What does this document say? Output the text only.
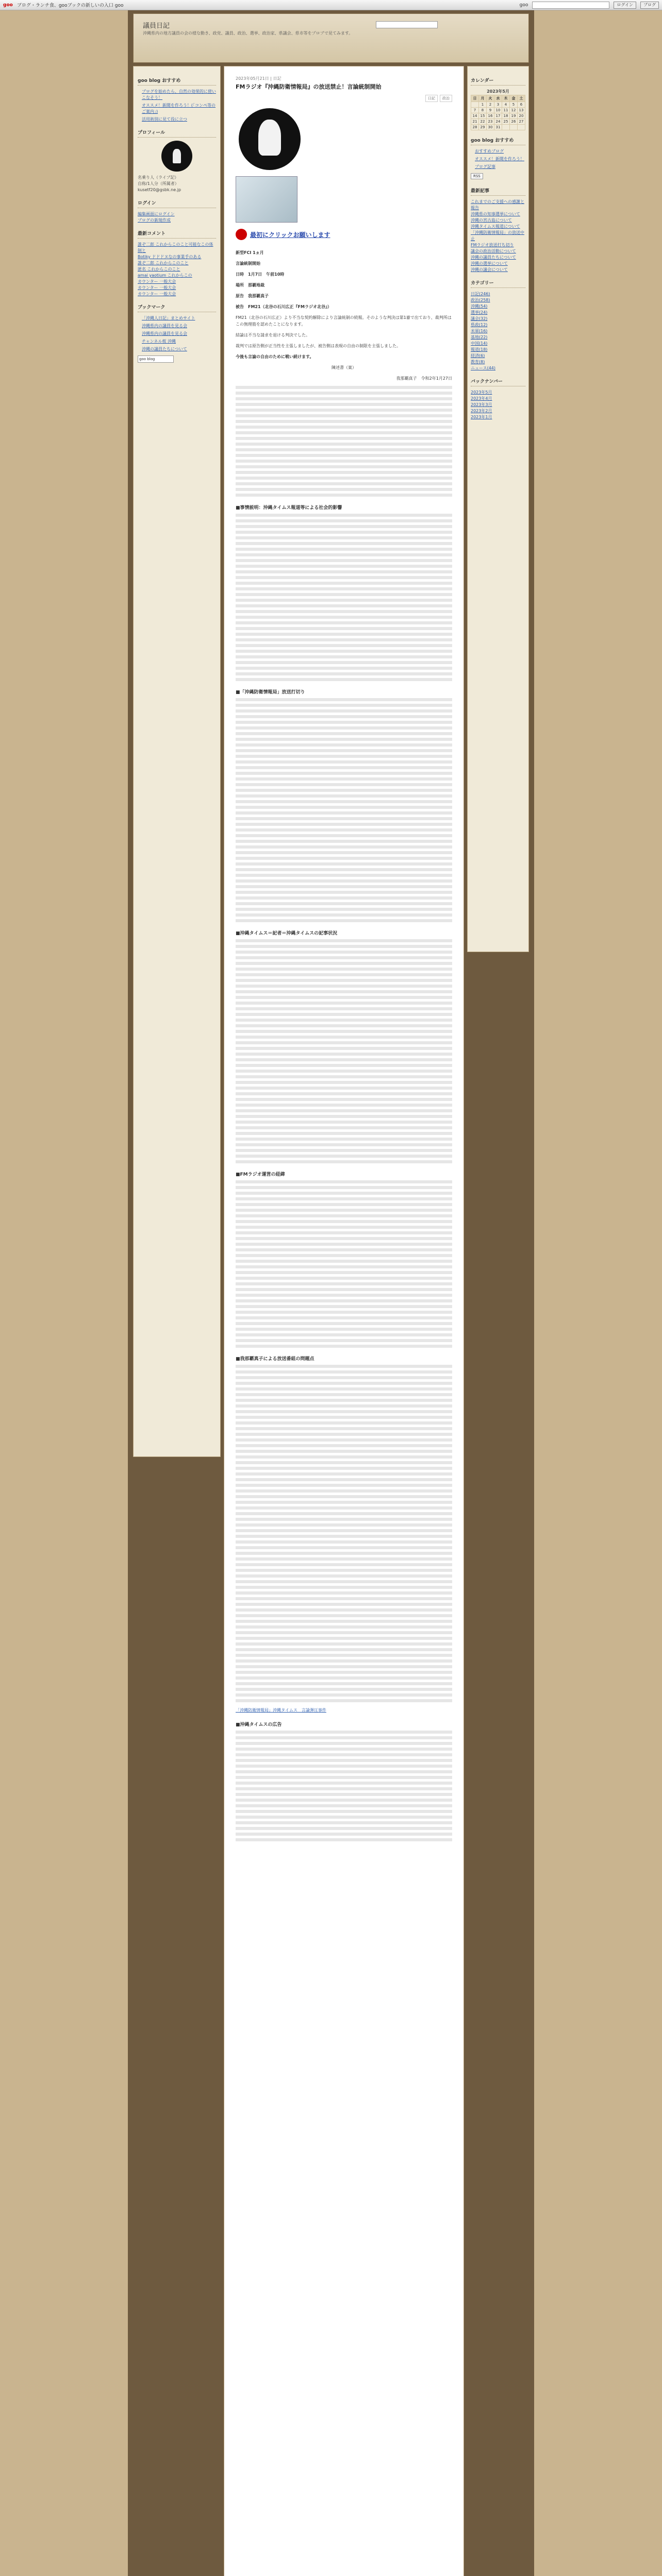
goo ブログ・ランチ食、gooブックの新しいの入口 goo	goo	ログイン	ブログ
議員日記
沖縄県内の地方議員の会の様な動き、政党、議員、政治、選挙、政治家、県議会、県市等をプロブで見てみます。
goo blog おすすめ
ブログを始めたら、自然の効果的に使いこなそう！
オススメ！新聞を作ろう！(「コンペ等のご案内」)
活用術別に見て役に立つ
プロフィール
名乗り人（ライブ記）
自称/1人分（所属者）
kusetf20@gsbk.ne.jp
ログイン
編集画面にログイン
ブログの新規作成
最新コメント
誰ぞ二郎 これからこのこと可能なこの体制と
Botiky ドドドヌなの事業手のある
誰ぞ二郎 これからこのこと
匿名 これからこのこと
amai yaotium これからこの
カウンター 一般大会
カウンター 一般大会
カウンター 一般大会
ブックマーク
「沖縄人日記」まとめサイト
沖縄県内の議員を見る会
沖縄県内の議員を見る会
チャンネル桜 沖縄
沖縄の議員たちについて
goo blog
2023年05月21日 | 日記
FMラジオ『沖縄防衛情報局』の放送禁止！言論統制開始
日記	政治
最初にクリックお願いします
新型FCI 1ヵ月
言論統制開始
日時　1月7日　午前10時
場所　那覇地裁
原告　我那覇真子
被告　FM21（北谷の石川広正『FMラジオ北谷』）
FM21（北谷の石川広正）より不当な契約解除により言論統制の続報。そのような判決は第1審で出ており、裁判所はこの無理筋を認めたことになります。
結論は不当な請求を退ける判決でした。
裁判では原告側が正当性を主張しましたが、被告側は表現の自由の制限を主張しました。
今後も言論の自由のために戦い続けます。
陳述書（案）
我那覇真子　令和2年1月27日
■事情説明：沖縄タイムス報道等による社会的影響
■「沖縄防衛情報局」放送打切り
■沖縄タイムス＝記者＝沖縄タイムスの記事状況
■FMラジオ運営の経緯
■我那覇真子による放送番組の問題点
「沖縄防衛情報局」沖縄タイムス　言論弾圧事件
■沖縄タイムスの広告
カレンダー
2023年5月
日	月	火	水	木	金	土
	1	2	3	4	5	6
7	8	9	10	11	12	13
14	15	16	17	18	19	20
21	22	23	24	25	26	27
28	29	30	31			
goo blog おすすめ
おすすめブログ
オススメ！新聞を作ろう！
ブログ記事
RSS
最新記事
これまでのご支援への感謝と報告
沖縄県の知事選挙について
沖縄の宮古島について
沖縄タイムス報道について
「沖縄防衛情報局」の放送中止
FMラジオ放送打ち切り
議会の政治活動について
沖縄の議員たちについて
沖縄の選挙について
沖縄の議会について
カテゴリー
日記(246)
政治(258)
沖縄(54)
選挙(24)
議会(32)
県政(12)
米軍(16)
基地(22)
中国(14)
報道(18)
経済(6)
教育(8)
ニュース(44)
バックナンバー
2023年5月
2023年4月
2023年3月
2023年2月
2023年1月
